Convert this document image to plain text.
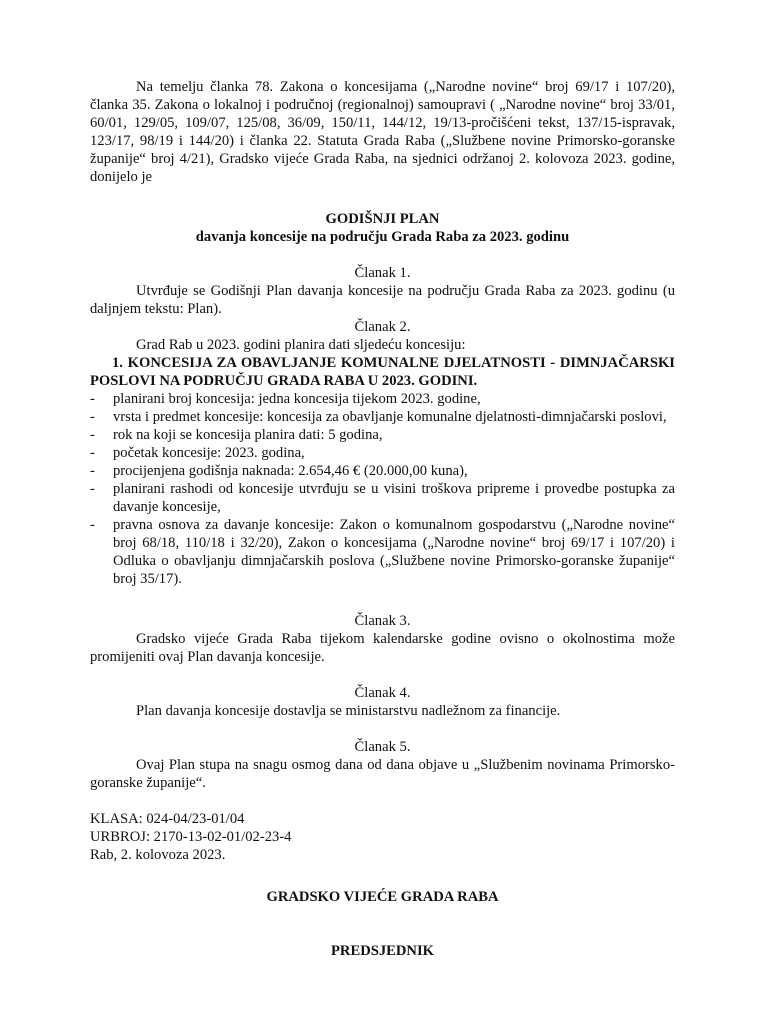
Na temelju članka 78. Zakona o koncesijama („Narodne novine“ broj 69/17 i 107/20), članka 35. Zakona o lokalnoj i područnoj (regionalnoj) samoupravi ( „Narodne novine“ broj 33/01, 60/01, 129/05, 109/07, 125/08, 36/09, 150/11, 144/12, 19/13-pročišćeni tekst, 137/15-ispravak, 123/17, 98/19 i 144/20) i članka 22. Statuta Grada Raba („Službene novine Primorsko-goranske županije“ broj 4/21), Gradsko vijeće Grada Raba, na sjednici održanoj 2. kolovoza 2023. godine, donijelo je

GODIŠNJI PLAN

davanja koncesije na području Grada Raba za 2023. godinu

Članak 1.

Utvrđuje se Godišnji Plan davanja koncesije na području Grada Raba za 2023. godinu (u daljnjem tekstu: Plan).

Članak 2.

Grad Rab u 2023. godini planira dati sljedeću koncesiju:

1. KONCESIJA ZA OBAVLJANJE KOMUNALNE DJELATNOSTI - DIMNJAČARSKI POSLOVI NA PODRUČJU GRADA RABA U 2023. GODINI.
- planirani broj koncesija: jedna koncesija tijekom 2023. godine,
- vrsta i predmet koncesije: koncesija za obavljanje komunalne djelatnosti-dimnjačarski poslovi,
- rok na koji se koncesija planira dati: 5 godina,
- početak koncesije: 2023. godina,
- procijenjena godišnja naknada: 2.654,46 € (20.000,00 kuna),
- planirani rashodi od koncesije utvrđuju se u visini troškova pripreme i provedbe postupka za davanje koncesije,
- pravna osnova za davanje koncesije: Zakon o komunalnom gospodarstvu („Narodne novine“ broj 68/18, 110/18 i 32/20), Zakon o koncesijama („Narodne novine“ broj 69/17 i 107/20) i Odluka o obavljanju dimnjačarskih poslova („Službene novine Primorsko-goranske županije“ broj 35/17).

Članak 3.

Gradsko vijeće Grada Raba tijekom kalendarske godine ovisno o okolnostima može promijeniti ovaj Plan davanja koncesije.

Članak 4.

Plan davanja koncesije dostavlja se ministarstvu nadležnom za financije.

Članak 5.

Ovaj Plan stupa na snagu osmog dana od dana objave u „Službenim novinama Primorsko-goranske županije“.

KLASA: 024-04/23-01/04

URBROJ: 2170-13-02-01/02-23-4

Rab, 2. kolovoza 2023.

GRADSKO VIJEĆE GRADA RABA

PREDSJEDNIK
